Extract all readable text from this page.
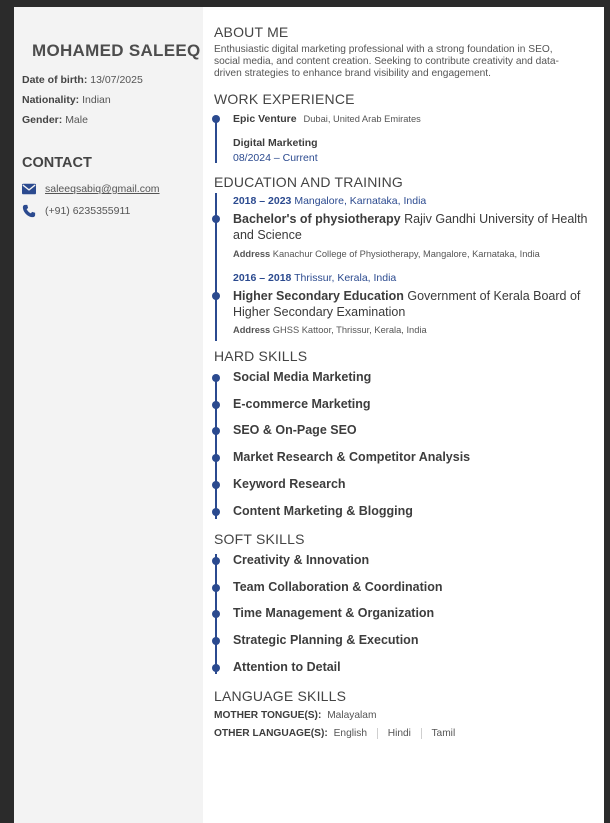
MOHAMED SALEEQ
Date of birth: 13/07/2025
Nationality: Indian
Gender: Male
CONTACT
saleeqsabiq@gmail.com
(+91) 6235355911
ABOUT ME
Enthusiastic digital marketing professional with a strong foundation in SEO, social media, and content creation. Seeking to contribute creativity and data-driven strategies to enhance brand visibility and engagement.
WORK EXPERIENCE
Epic Venture Dubai, United Arab Emirates
Digital Marketing
08/2024 – Current
EDUCATION AND TRAINING
2018 – 2023 Mangalore, Karnataka, India
Bachelor's of physiotherapy Rajiv Gandhi University of Health and Science
Address Kanachur College of Physiotherapy, Mangalore, Karnataka, India
2016 – 2018 Thrissur, Kerala, India
Higher Secondary Education Government of Kerala Board of Higher Secondary Examination
Address GHSS Kattoor, Thrissur, Kerala, India
HARD SKILLS
Social Media Marketing
E-commerce Marketing
SEO & On-Page SEO
Market Research & Competitor Analysis
Keyword Research
Content Marketing & Blogging
SOFT SKILLS
Creativity & Innovation
Team Collaboration & Coordination
Time Management & Organization
Strategic Planning & Execution
Attention to Detail
LANGUAGE SKILLS
MOTHER TONGUE(S): Malayalam
OTHER LANGUAGE(S): English Hindi Tamil
